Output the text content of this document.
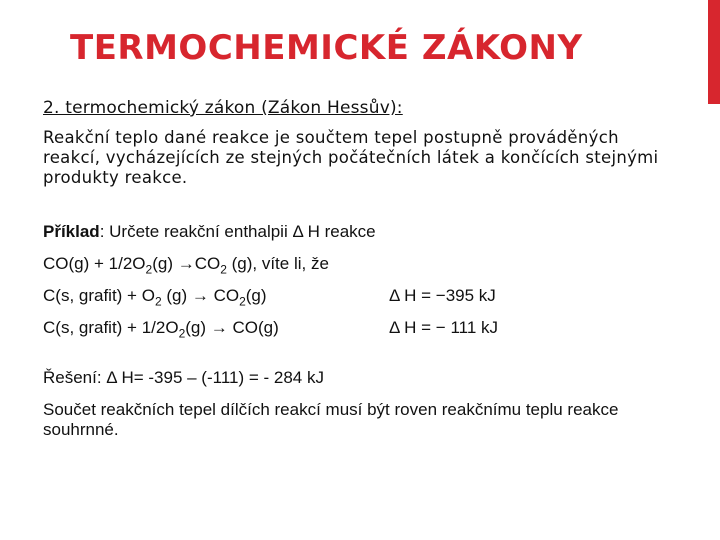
TERMOCHEMICKÉ ZÁKONY

2. termochemický zákon (Zákon Hessův):

Reakční teplo dané reakce je součtem tepel postupně prováděných reakcí, vycházejících ze stejných počátečních látek a končících stejnými produkty reakce.

Příklad: Určete reakční enthalpii Δ H reakce

$CO(g) + 1/2O_2(g) \to CO_2$ (g), víte li, že

C(s, grafit) + $O_2$ $(g) \to CO_2(g)$	Δ H = −395 kJ
C(s, grafit) + $1/2O_2(g) \to CO(g)$	Δ H = − 111 kJ

Řešení: Δ H= -395 – (-111) = - 284 kJ

Součet reakčních tepel dílčích reakcí musí být roven reakčnímu teplu reakce souhrnné.
